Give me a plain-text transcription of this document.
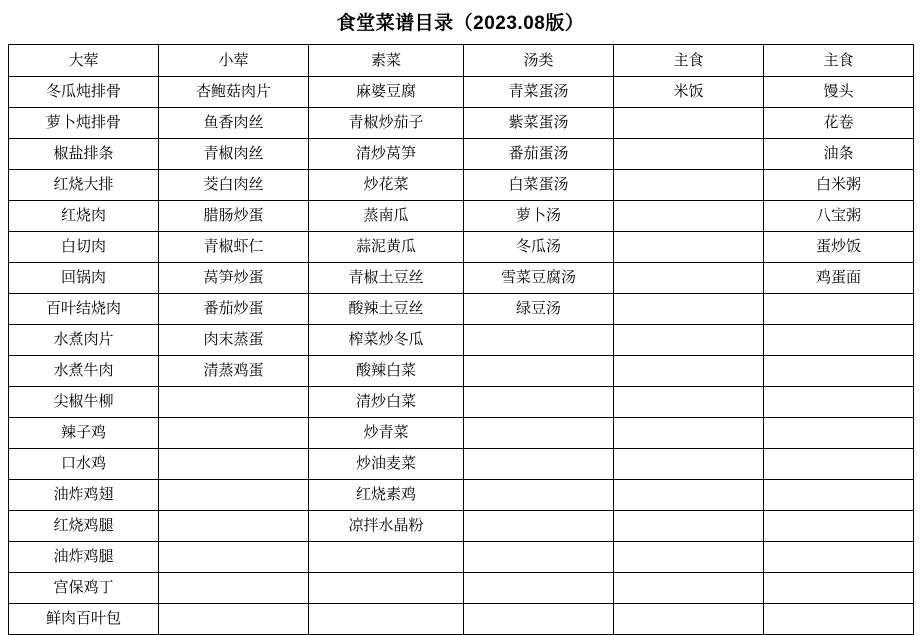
食堂菜谱目录（2023.08版）
大荤	小荤	素菜	汤类	主食	主食
冬瓜炖排骨	杏鲍菇肉片	麻婆豆腐	青菜蛋汤	米饭	馒头
萝卜炖排骨	鱼香肉丝	青椒炒茄子	紫菜蛋汤		花卷
椒盐排条	青椒肉丝	清炒莴笋	番茄蛋汤		油条
红烧大排	茭白肉丝	炒花菜	白菜蛋汤		白米粥
红烧肉	腊肠炒蛋	蒸南瓜	萝卜汤		八宝粥
白切肉	青椒虾仁	蒜泥黄瓜	冬瓜汤		蛋炒饭
回锅肉	莴笋炒蛋	青椒土豆丝	雪菜豆腐汤		鸡蛋面
百叶结烧肉	番茄炒蛋	酸辣土豆丝	绿豆汤		
水煮肉片	肉末蒸蛋	榨菜炒冬瓜			
水煮牛肉	清蒸鸡蛋	酸辣白菜			
尖椒牛柳		清炒白菜			
辣子鸡		炒青菜			
口水鸡		炒油麦菜			
油炸鸡翅		红烧素鸡			
红烧鸡腿		凉拌水晶粉			
油炸鸡腿					
宫保鸡丁					
鲜肉百叶包					
